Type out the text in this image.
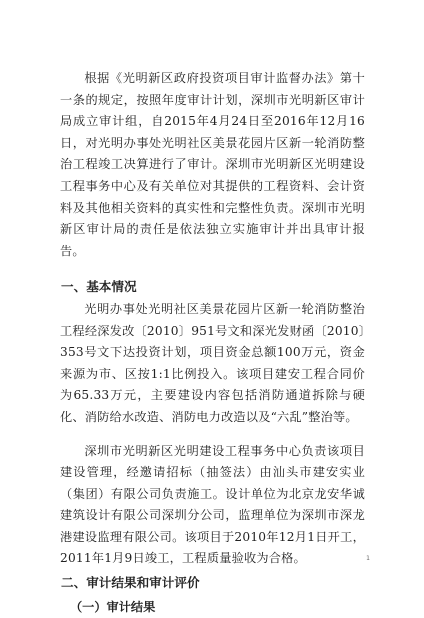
根据《光明新区政府投资项目审计监督办法》第十一条的规定，按照年度审计计划，深圳市光明新区审计局成立审计组，自2015年4月24日至2016年12月16日，对光明办事处光明社区美景花园片区新一轮消防整治工程竣工决算进行了审计。深圳市光明新区光明建设工程事务中心及有关单位对其提供的工程资料、会计资料及其他相关资料的真实性和完整性负责。深圳市光明新区审计局的责任是依法独立实施审计并出具审计报告。

一、基本情况

光明办事处光明社区美景花园片区新一轮消防整治工程经深发改〔2010〕951号文和深光发财函〔2010〕353号文下达投资计划，项目资金总额100万元，资金来源为市、区按1:1比例投入。该项目建安工程合同价为65.33万元，主要建设内容包括消防通道拆除与硬化、消防给水改造、消防电力改造以及“六乱”整治等。

深圳市光明新区光明建设工程事务中心负责该项目建设管理，经邀请招标（抽签法）由汕头市建安实业（集团）有限公司负责施工。设计单位为北京龙安华诚建筑设计有限公司深圳分公司，监理单位为深圳市深龙港建设监理有限公司。该项目于2010年12月1日开工，2011年1月9日竣工，工程质量验收为合格。

二、审计结果和审计评价
（一）审计结果
1
